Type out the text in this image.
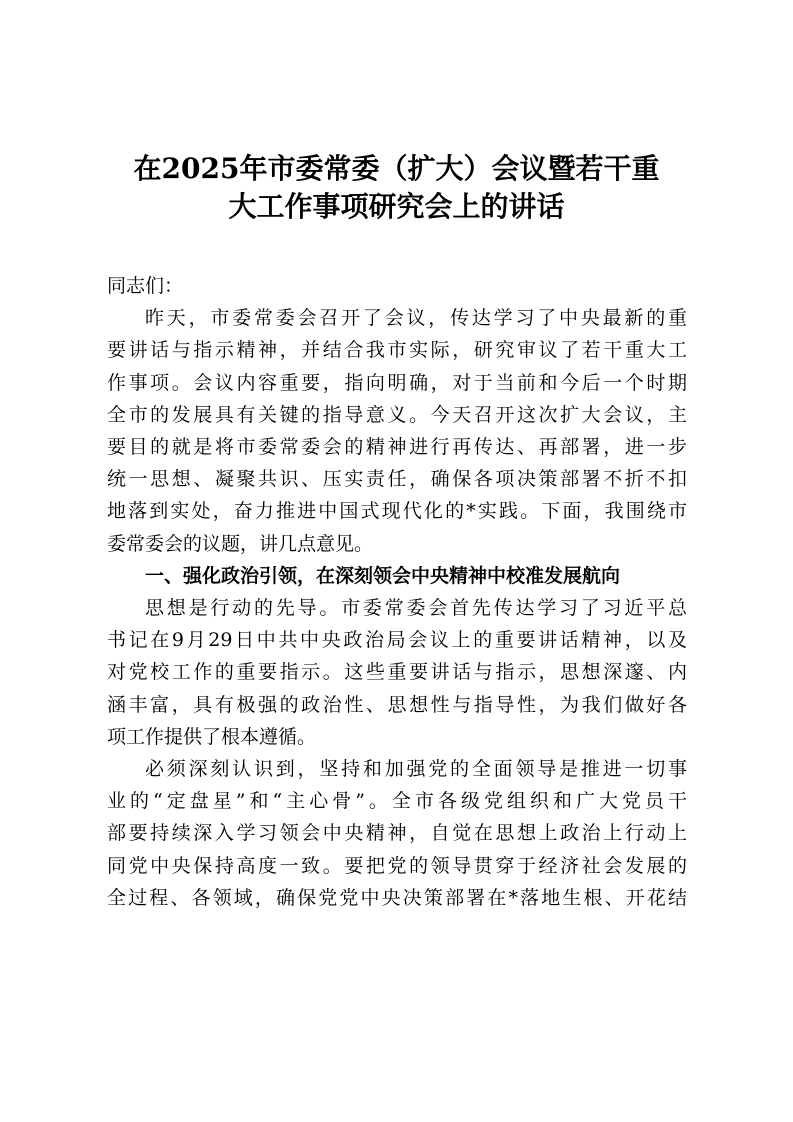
在2025年市委常委（扩大）会议暨若干重
大工作事项研究会上的讲话

同志们：

昨天，市委常委会召开了会议，传达学习了中央最新的重
要讲话与指示精神，并结合我市实际，研究审议了若干重大工
作事项。会议内容重要，指向明确，对于当前和今后一个时期
全市的发展具有关键的指导意义。今天召开这次扩大会议，主
要目的就是将市委常委会的精神进行再传达、再部署，进一步
统一思想、凝聚共识、压实责任，确保各项决策部署不折不扣
地落到实处，奋力推进中国式现代化的*实践。下面，我围绕市
委常委会的议题，讲几点意见。

一、强化政治引领，在深刻领会中央精神中校准发展航向

思想是行动的先导。市委常委会首先传达学习了习近平总
书记在9月29日中共中央政治局会议上的重要讲话精神，以及
对党校工作的重要指示。这些重要讲话与指示，思想深邃、内
涵丰富，具有极强的政治性、思想性与指导性，为我们做好各
项工作提供了根本遵循。
必须深刻认识到，坚持和加强党的全面领导是推进一切事
业的“定盘星”和“主心骨”。全市各级党组织和广大党员干
部要持续深入学习领会中央精神，自觉在思想上政治上行动上
同党中央保持高度一致。要把党的领导贯穿于经济社会发展的
全过程、各领域，确保党党中央决策部署在*落地生根、开花结
